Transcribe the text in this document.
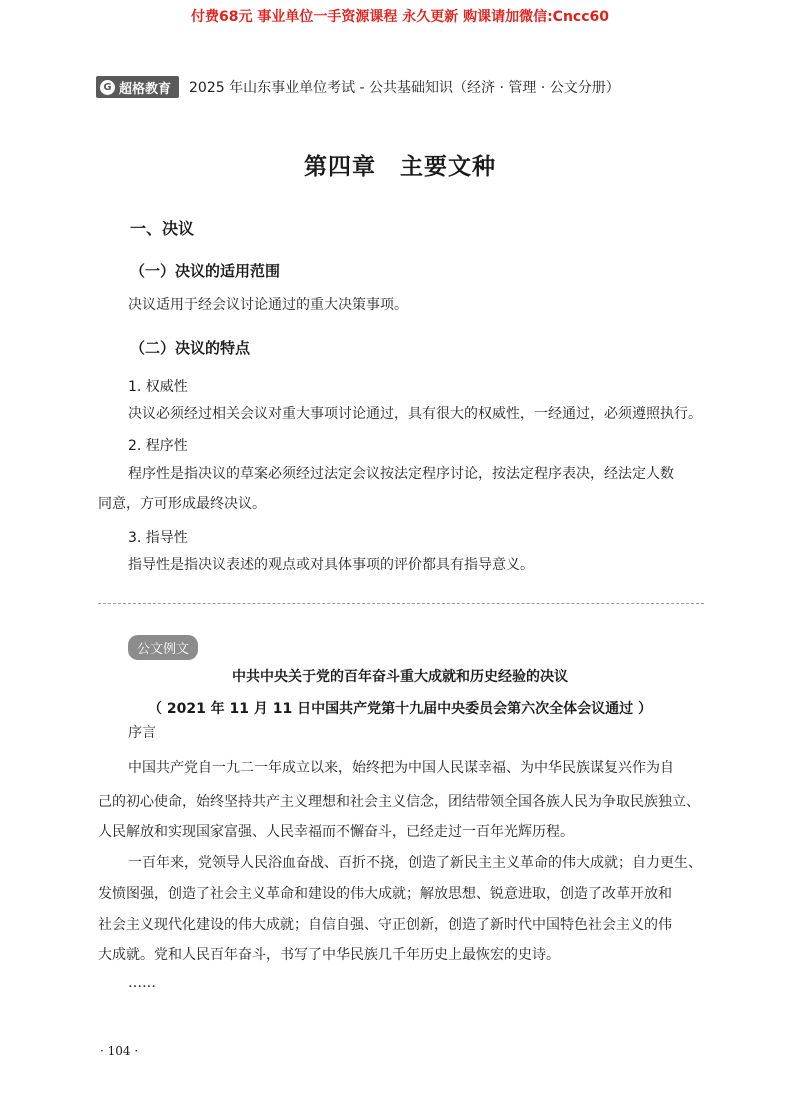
付费68元 事业单位一手资源课程 永久更新 购课请加微信:Cncc60
G 超格教育 2025 年山东事业单位考试 - 公共基础知识（经济 · 管理 · 公文分册）
第四章　主要文种
一、决议
（一）决议的适用范围
决议适用于经会议讨论通过的重大决策事项。
（二）决议的特点
1. 权威性
决议必须经过相关会议对重大事项讨论通过，具有很大的权威性，一经通过，必须遵照执行。
2. 程序性
程序性是指决议的草案必须经过法定会议按法定程序讨论，按法定程序表决，经法定人数
同意，方可形成最终决议。
3. 指导性
指导性是指决议表述的观点或对具体事项的评价都具有指导意义。
公文例文
中共中央关于党的百年奋斗重大成就和历史经验的决议
（ 2021 年 11 月 11 日中国共产党第十九届中央委员会第六次全体会议通过 ）
序言
中国共产党自一九二一年成立以来，始终把为中国人民谋幸福、为中华民族谋复兴作为自
己的初心使命，始终坚持共产主义理想和社会主义信念，团结带领全国各族人民为争取民族独立、
人民解放和实现国家富强、人民幸福而不懈奋斗，已经走过一百年光辉历程。
一百年来，党领导人民浴血奋战、百折不挠，创造了新民主主义革命的伟大成就；自力更生、
发愤图强，创造了社会主义革命和建设的伟大成就；解放思想、锐意进取，创造了改革开放和
社会主义现代化建设的伟大成就；自信自强、守正创新，创造了新时代中国特色社会主义的伟
大成就。党和人民百年奋斗，书写了中华民族几千年历史上最恢宏的史诗。
……
· 104 ·
